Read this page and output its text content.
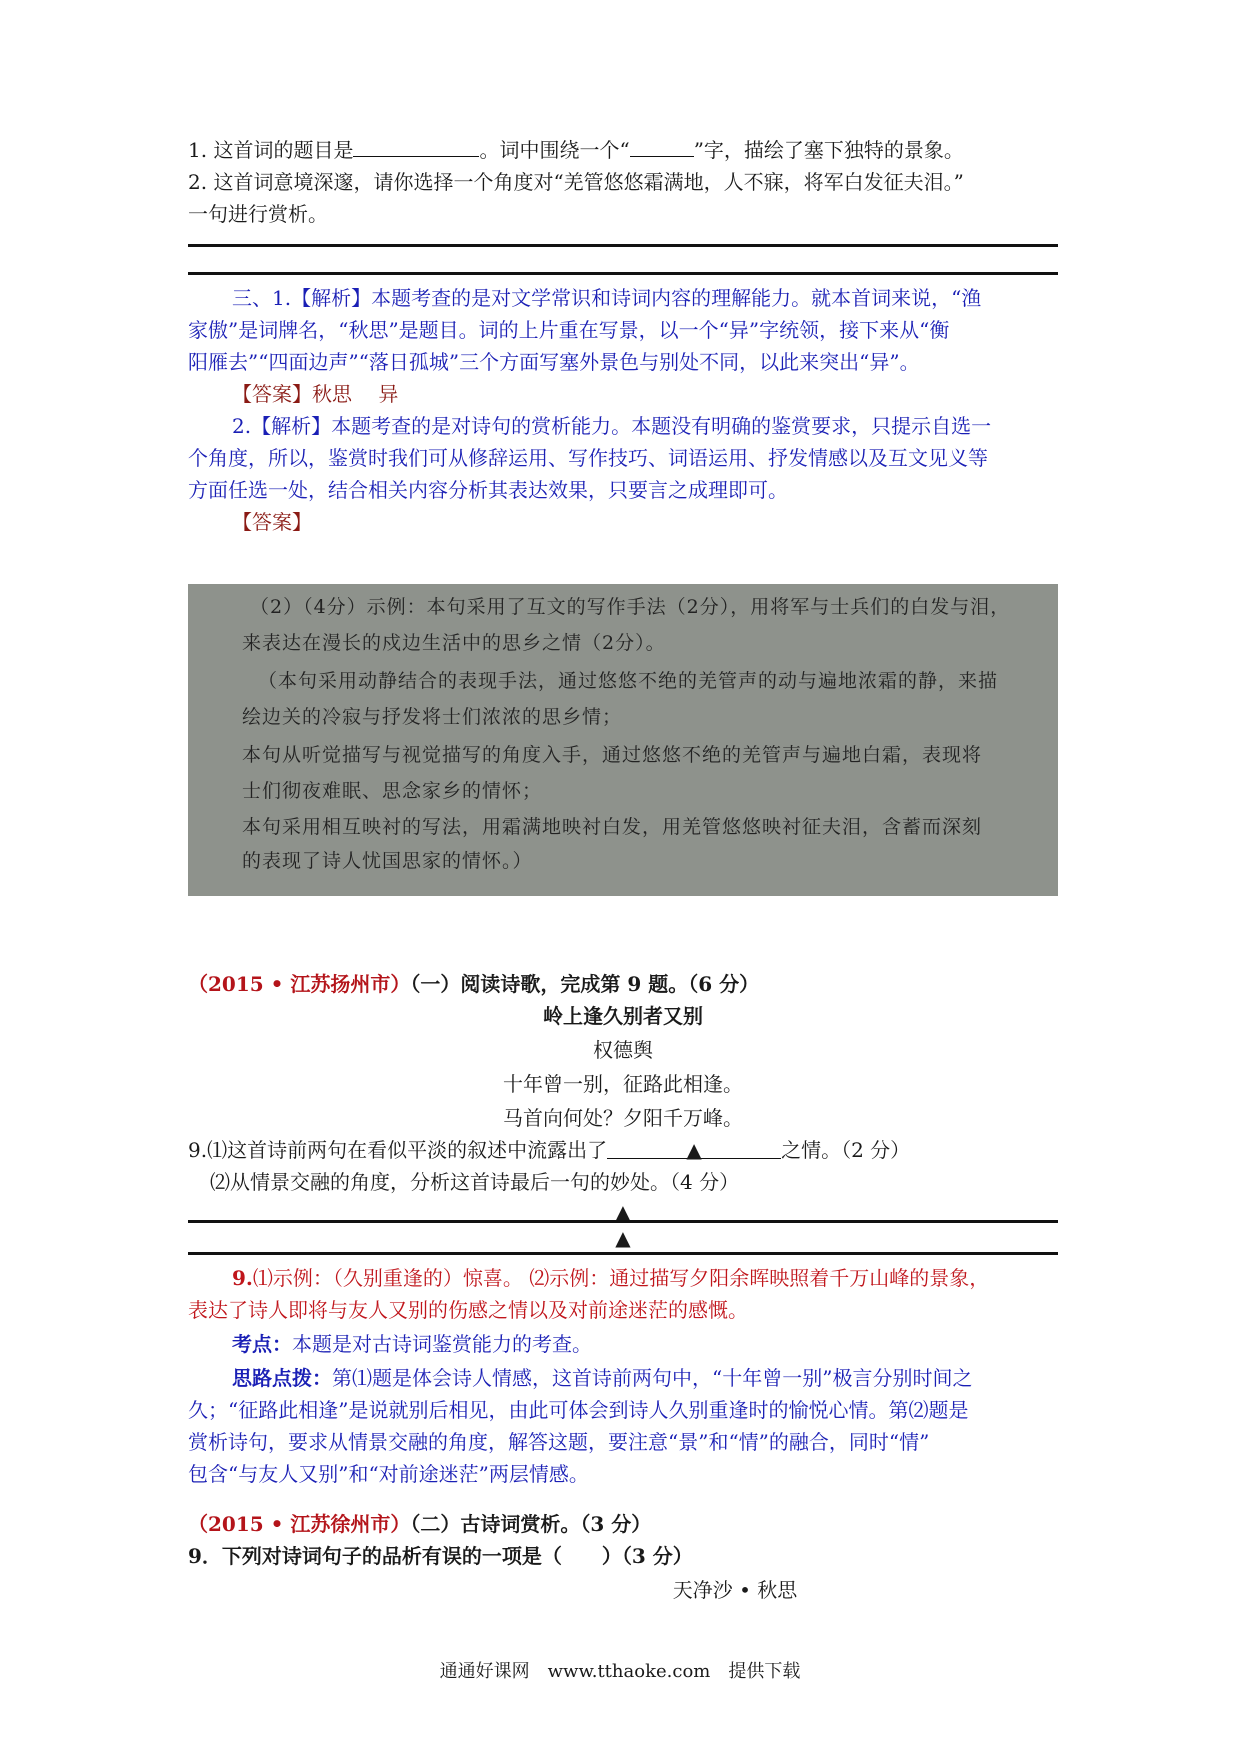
1. 这首词的题目是	。词中围绕一个“	”字，描绘了塞下独特的景象。
2. 这首词意境深邃，请你选择一个角度对“羌管悠悠霜满地，人不寐，将军白发征夫泪。”
一句进行赏析。
三、1.【解析】本题考查的是对文学常识和诗词内容的理解能力。就本首词来说，“渔
家傲”是词牌名，“秋思”是题目。词的上片重在写景，以一个“异”字统领，接下来从“衡
阳雁去”“四面边声”“落日孤城”三个方面写塞外景色与别处不同，以此来突出“异”。
【答案】秋思　 异
2.【解析】本题考查的是对诗句的赏析能力。本题没有明确的鉴赏要求，只提示自选一
个角度，所以，鉴赏时我们可从修辞运用、写作技巧、词语运用、抒发情感以及互文见义等
方面任选一处，结合相关内容分析其表达效果，只要言之成理即可。
【答案】
（2）（4分）示例：本句采用了互文的写作手法（2分），用将军与士兵们的白发与泪，
来表达在漫长的戍边生活中的思乡之情（2分）。
（本句采用动静结合的表现手法，通过悠悠不绝的羌管声的动与遍地浓霜的静，来描
绘边关的冷寂与抒发将士们浓浓的思乡情；
本句从听觉描写与视觉描写的角度入手，通过悠悠不绝的羌管声与遍地白霜，表现将
士们彻夜难眠、思念家乡的情怀；
本句采用相互映衬的写法，用霜满地映衬白发，用羌管悠悠映衬征夫泪，含蓄而深刻
的表现了诗人忧国思家的情怀。）
（2015 • 江苏扬州市）（一）阅读诗歌，完成第 9 题。（6 分）
岭上逢久别者又别
权德舆
十年曾一别，征路此相逢。
马首向何处？夕阳千万峰。
9.⑴这首诗前两句在看似平淡的叙述中流露出了	▲	之情。（2 分）
⑵从情景交融的角度，分析这首诗最后一句的妙处。（4 分）
▲
▲
9.⑴示例：（久别重逢的）惊喜。 ⑵示例：通过描写夕阳余晖映照着千万山峰的景象，
表达了诗人即将与友人又别的伤感之情以及对前途迷茫的感慨。
考点：本题是对古诗词鉴赏能力的考查。
思路点拨：第⑴题是体会诗人情感，这首诗前两句中，“十年曾一别”极言分别时间之
久；“征路此相逢”是说就别后相见，由此可体会到诗人久别重逢时的愉悦心情。第⑵题是
赏析诗句，要求从情景交融的角度，解答这题，要注意“景”和“情”的融合，同时“情”
包含“与友人又别”和“对前途迷茫”两层情感。
（2015 • 江苏徐州市）（二）古诗词赏析。（3 分）
9．下列对诗词句子的品析有误的一项是（　　）（3 分）
天净沙 • 秋思
通通好课网　www.tthaoke.com　提供下载
